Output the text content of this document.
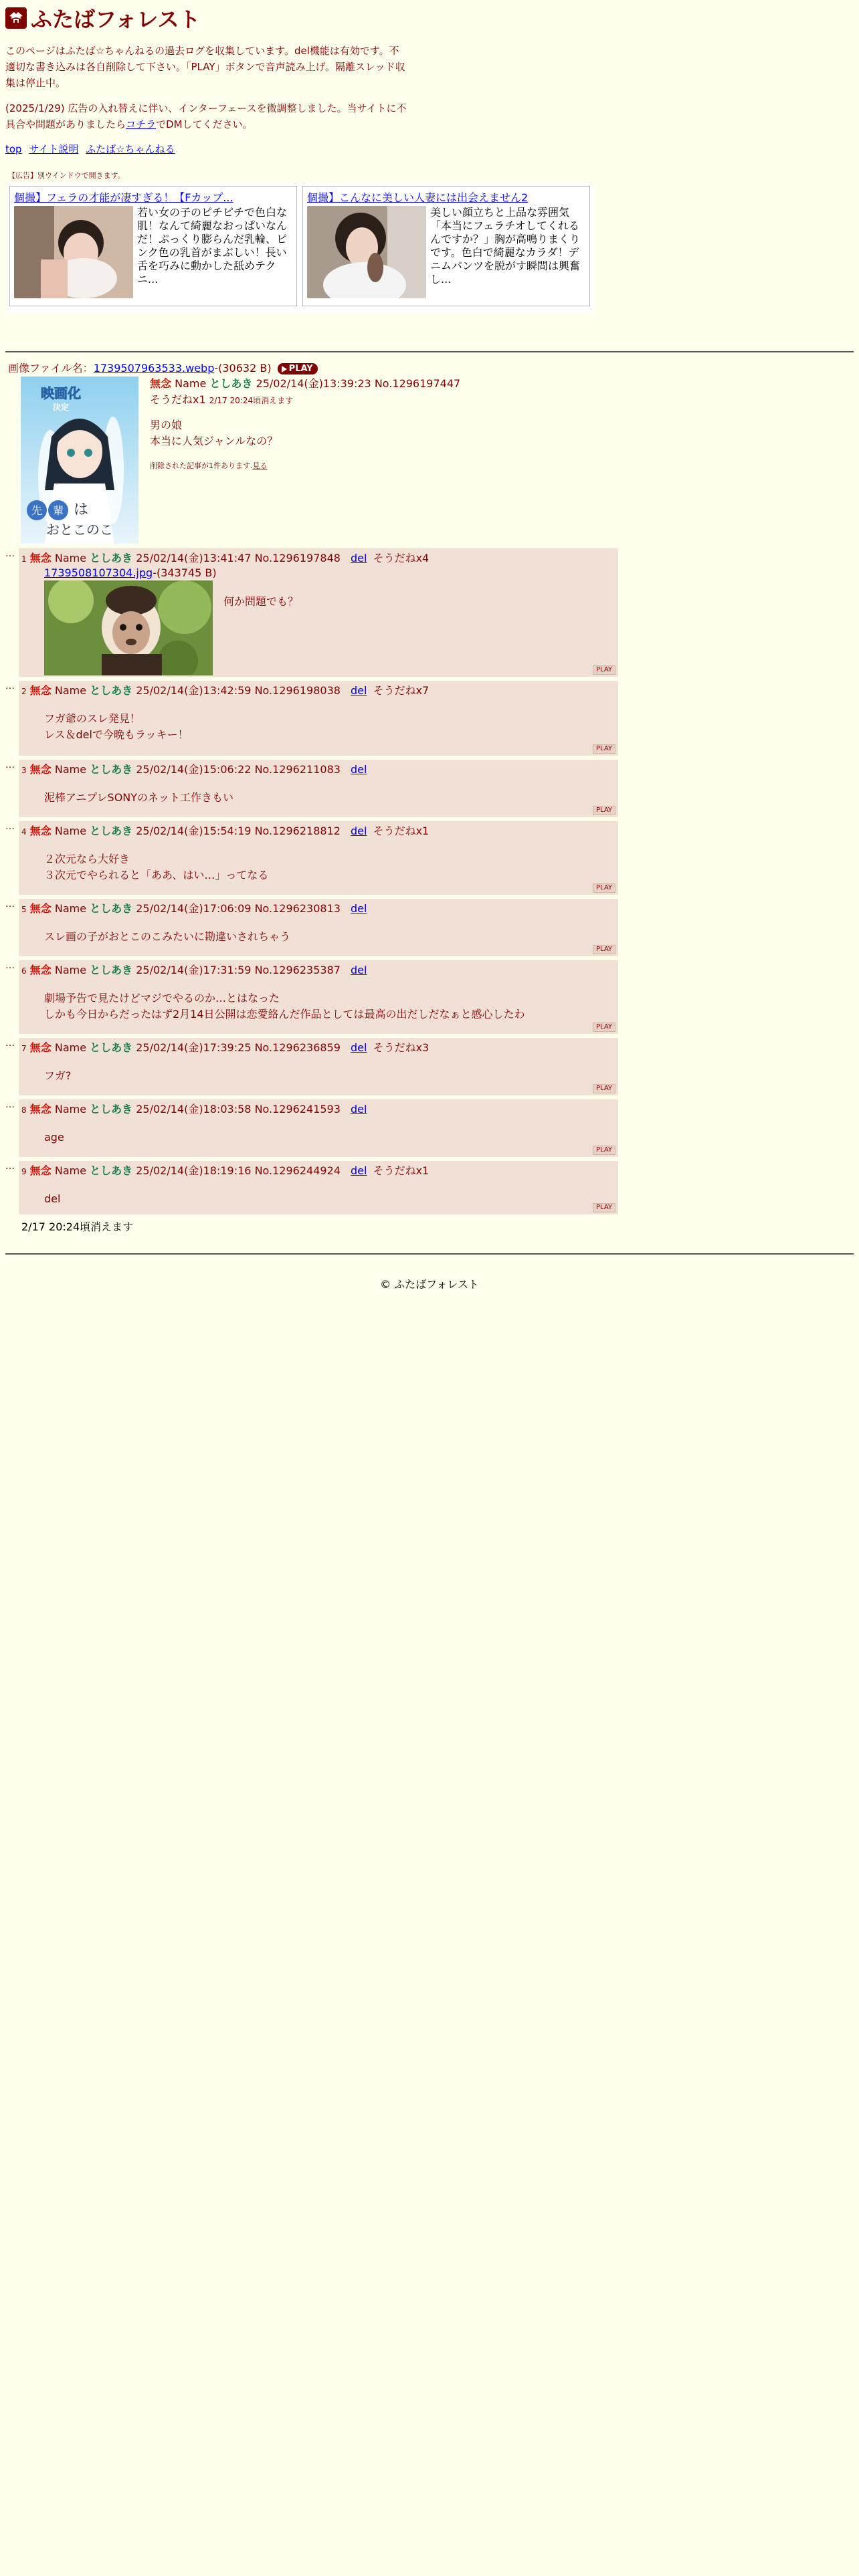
ふたばフォレスト

このページはふたば☆ちゃんねるの過去ログを収集しています。del機能は有効です。不適切な書き込みは各自削除して下さい。「PLAY」ボタンで音声読み上げ。隔離スレッド収集は停止中。

(2025/1/29) 広告の入れ替えに伴い、インターフェースを微調整しました。当サイトに不具合や問題がありましたらコチラでDMしてください。

top サイト説明 ふたば☆ちゃんねる
【広告】別ウインドウで開きます。
個撮】フェラの才能が凄すぎる！【Fカップ...
若い女の子のピチピチで色白な肌！なんて綺麗なおっぱいなんだ！ぷっくり膨らんだ乳輪、ピンク色の乳首がまぶしい！長い舌を巧みに動かした舐めテクニ...
個撮】こんなに美しい人妻には出会えません2
美しい顔立ちと上品な雰囲気「本当にフェラチオしてくれるんですか？」胸が高鳴りまくりです。色白で綺麗なカラダ！デニムパンツを脱がす瞬間は興奮し...
画像ファイル名：1739507963533.webp-(30632 B) PLAY
映画化
決定
先 輩 は
おとこのこ
無念 Name としあき 25/02/14(金)13:39:23 No.1296197447
そうだねx1 2/17 20:24頃消えます
男の娘
本当に人気ジャンルなの？
削除された記事が1件あります.見る
… 1 無念 Name としあき 25/02/14(金)13:41:47 No.1296197848 del そうだねx4
1739508107304.jpg-(343745 B)
何か問題でも？
PLAY
… 2 無念 Name としあき 25/02/14(金)13:42:59 No.1296198038 del そうだねx7
フガ爺のスレ発見！
レス＆delで今晩もラッキー！
PLAY
… 3 無念 Name としあき 25/02/14(金)15:06:22 No.1296211083 del
泥棒アニプレSONYのネット工作きもい
PLAY
… 4 無念 Name としあき 25/02/14(金)15:54:19 No.1296218812 del そうだねx1
２次元なら大好き
３次元でやられると「ああ、はい…」ってなる
PLAY
… 5 無念 Name としあき 25/02/14(金)17:06:09 No.1296230813 del
スレ画の子がおとこのこみたいに勘違いされちゃう
PLAY
… 6 無念 Name としあき 25/02/14(金)17:31:59 No.1296235387 del
劇場予告で見たけどマジでやるのか…とはなった
しかも今日からだったはず2月14日公開は恋愛絡んだ作品としては最高の出だしだなぁと感心したわ
PLAY
… 7 無念 Name としあき 25/02/14(金)17:39:25 No.1296236859 del そうだねx3
フガ?
PLAY
… 8 無念 Name としあき 25/02/14(金)18:03:58 No.1296241593 del
age
PLAY
… 9 無念 Name としあき 25/02/14(金)18:19:16 No.1296244924 del そうだねx1
del
PLAY
2/17 20:24頃消えます
© ふたばフォレスト
